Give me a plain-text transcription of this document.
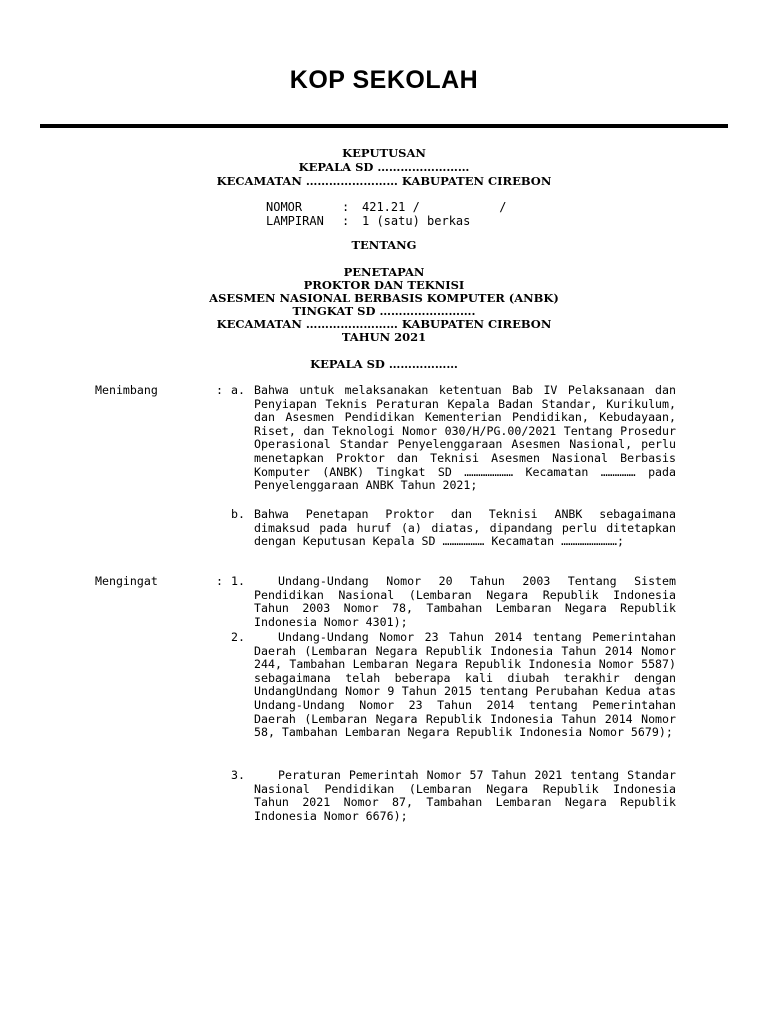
KOP SEKOLAH
KEPUTUSAN
KEPALA SD ……………………
KECAMATAN …………………… KABUPATEN CIREBON
NOMOR	: 421.21 /           /
LAMPIRAN : 1 (satu) berkas
TENTANG
PENETAPAN
PROKTOR DAN TEKNISI
ASESMEN NASIONAL BERBASIS KOMPUTER (ANBK)
TINGKAT SD …………………….
KECAMATAN …………………… KABUPATEN CIREBON
TAHUN 2021
KEPALA SD ………………
Menimbang	: a. Bahwa untuk melaksanakan ketentuan Bab IV Pelaksanaan dan Penyiapan Teknis Peraturan Kepala Badan Standar, Kurikulum, dan Asesmen Pendidikan Kementerian Pendidikan, Kebudayaan, Riset, dan Teknologi Nomor 030/H/PG.00/2021 Tentang Prosedur Operasional Standar Penyelenggaraan Asesmen Nasional, perlu menetapkan Proktor dan Teknisi Asesmen Nasional Berbasis Komputer (ANBK) Tingkat SD ………………… Kecamatan …………… pada Penyelenggaraan ANBK Tahun 2021;
b. Bahwa Penetapan Proktor dan Teknisi ANBK sebagaimana dimaksud pada huruf (a) diatas, dipandang perlu ditetapkan dengan Keputusan Kepala SD ……………… Kecamatan ……………………;
Mengingat	: 1.	Undang-Undang Nomor 20 Tahun 2003 Tentang Sistem Pendidikan Nasional (Lembaran Negara Republik Indonesia Tahun 2003 Nomor 78, Tambahan Lembaran Negara Republik Indonesia Nomor 4301);
2.	Undang-Undang Nomor 23 Tahun 2014 tentang Pemerintahan Daerah (Lembaran Negara Republik Indonesia Tahun 2014 Nomor 244, Tambahan Lembaran Negara Republik Indonesia Nomor 5587) sebagaimana telah beberapa kali diubah terakhir dengan UndangUndang Nomor 9 Tahun 2015 tentang Perubahan Kedua atas Undang-Undang Nomor 23 Tahun 2014 tentang Pemerintahan Daerah (Lembaran Negara Republik Indonesia Tahun 2014 Nomor 58, Tambahan Lembaran Negara Republik Indonesia Nomor 5679);
3.	Peraturan Pemerintah Nomor 57 Tahun 2021 tentang Standar Nasional Pendidikan (Lembaran Negara Republik Indonesia Tahun 2021 Nomor 87, Tambahan Lembaran Negara Republik Indonesia Nomor 6676);
